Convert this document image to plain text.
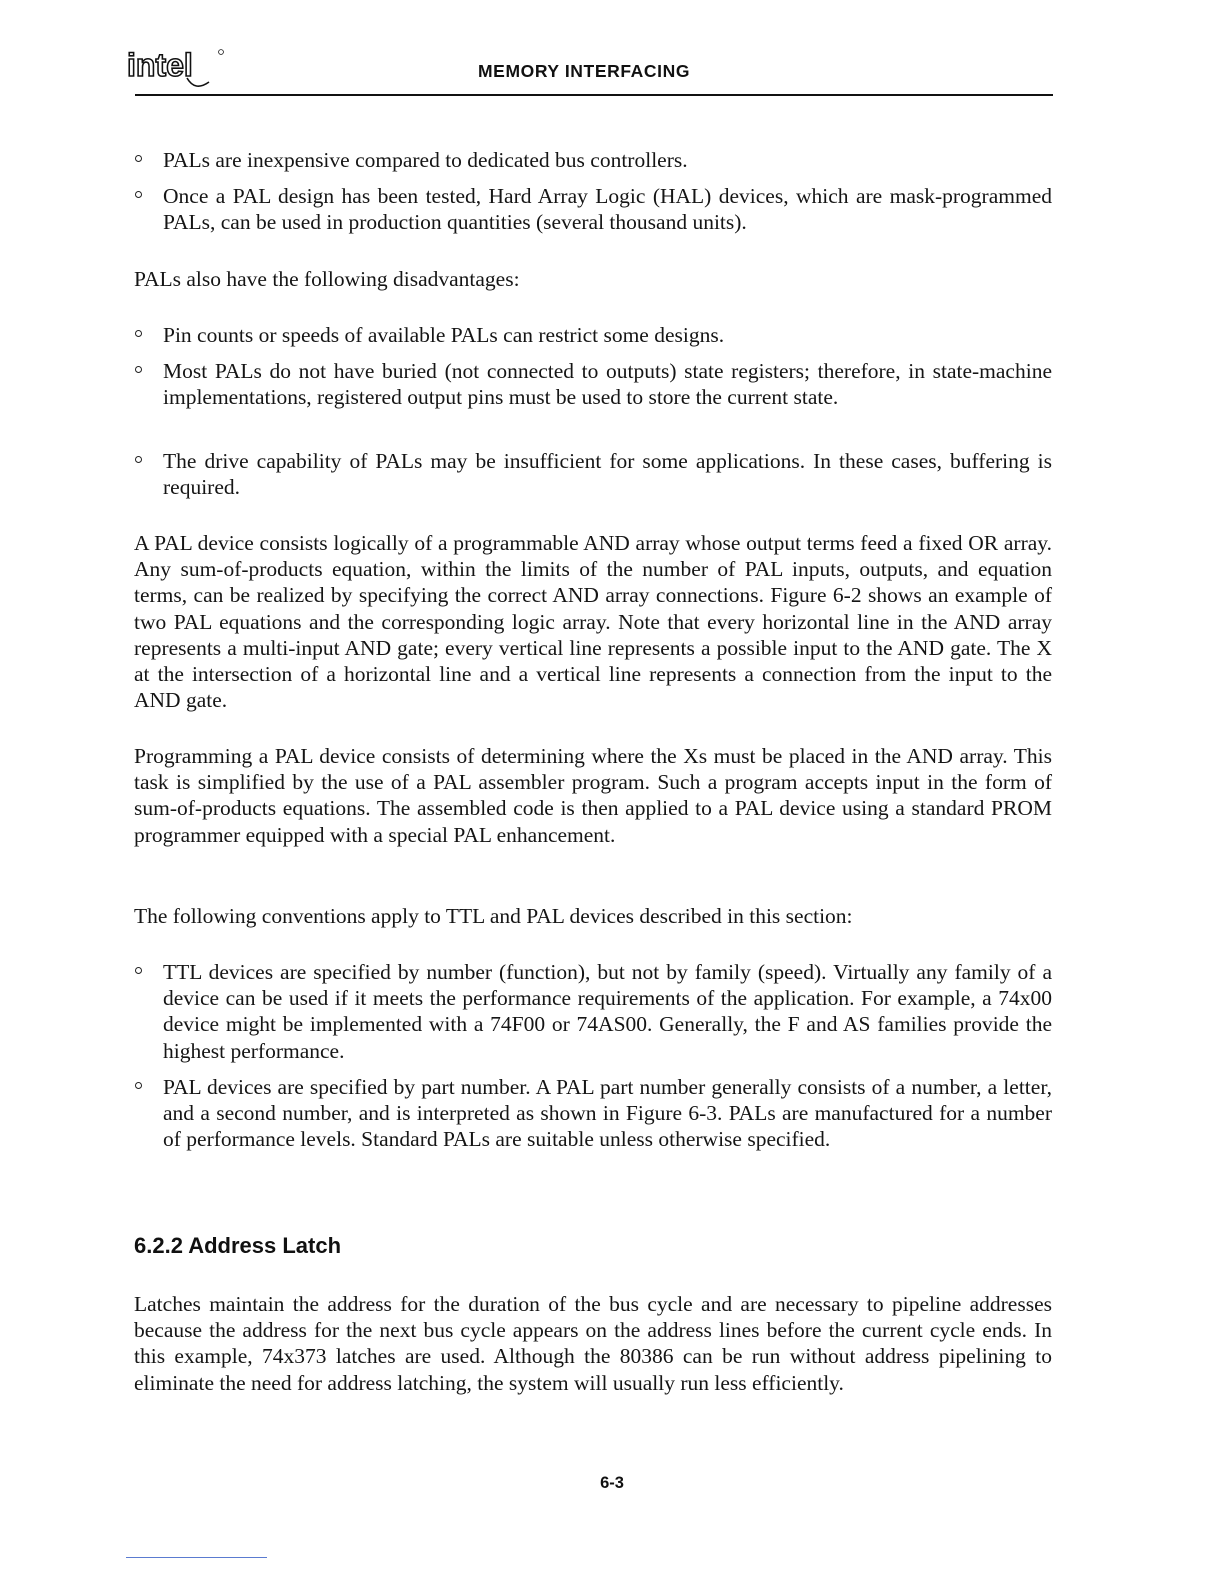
intel	MEMORY INTERFACING
PALs are inexpensive compared to dedicated bus controllers.
Once a PAL design has been tested, Hard Array Logic (HAL) devices, which are mask-programmed PALs, can be used in production quantities (several thousand units).

PALs also have the following disadvantages:

Pin counts or speeds of available PALs can restrict some designs.
Most PALs do not have buried (not connected to outputs) state registers; therefore, in state-machine implementations, registered output pins must be used to store the current state.
The drive capability of PALs may be insufficient for some applications. In these cases, buffering is required.

A PAL device consists logically of a programmable AND array whose output terms feed a fixed OR array. Any sum-of-products equation, within the limits of the number of PAL inputs, outputs, and equation terms, can be realized by specifying the correct AND array connections. Figure 6-2 shows an example of two PAL equations and the corresponding logic array. Note that every horizontal line in the AND array represents a multi-input AND gate; every vertical line represents a possible input to the AND gate. The X at the intersection of a horizontal line and a vertical line represents a connection from the input to the AND gate.

Programming a PAL device consists of determining where the Xs must be placed in the AND array. This task is simplified by the use of a PAL assembler program. Such a program accepts input in the form of sum-of-products equations. The assembled code is then applied to a PAL device using a standard PROM programmer equipped with a special PAL enhancement.

The following conventions apply to TTL and PAL devices described in this section:

TTL devices are specified by number (function), but not by family (speed). Virtually any family of a device can be used if it meets the performance requirements of the application. For example, a 74x00 device might be implemented with a 74F00 or 74AS00. Generally, the F and AS families provide the highest performance.
PAL devices are specified by part number. A PAL part number generally consists of a number, a letter, and a second number, and is interpreted as shown in Figure 6-3. PALs are manufactured for a number of performance levels. Standard PALs are suitable unless otherwise specified.
6.2.2 Address Latch

Latches maintain the address for the duration of the bus cycle and are necessary to pipeline addresses because the address for the next bus cycle appears on the address lines before the current cycle ends. In this example, 74x373 latches are used. Although the 80386 can be run without address pipelining to eliminate the need for address latching, the system will usually run less efficiently.

6-3
